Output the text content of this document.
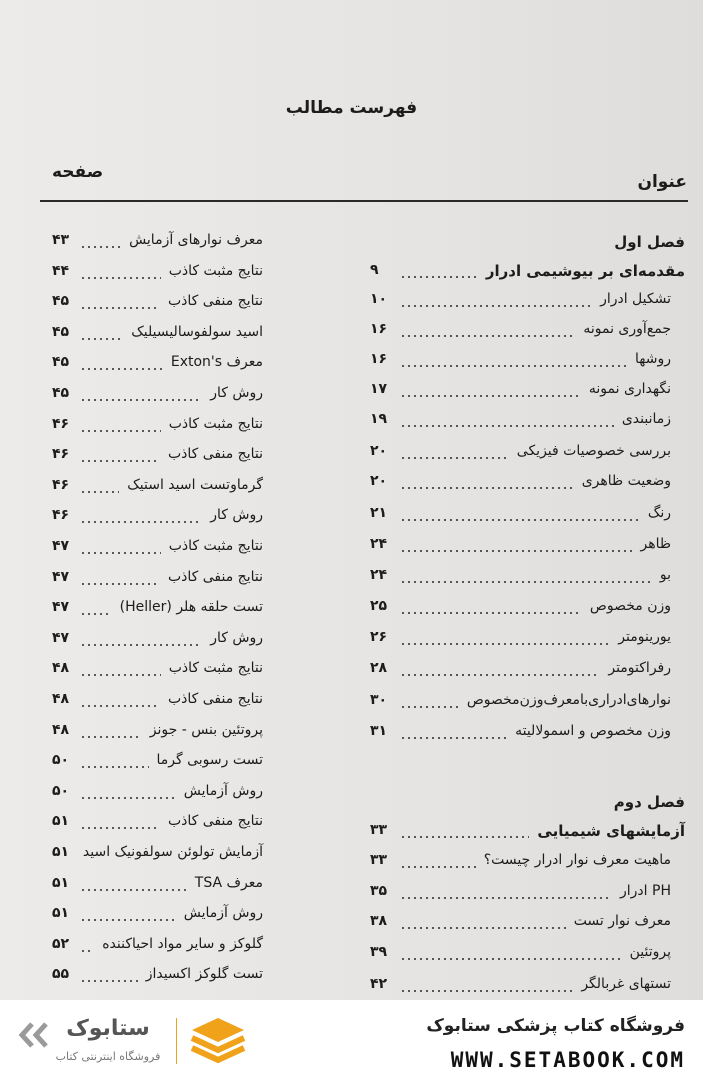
فهرست مطالب
عنوان
صفحه
فصل اول
فصل دوم
۹	مقدمه‌ای بر بیوشیمی ادرار
۱۰	تشکیل ادرار
۱۶	جمع‌آوری نمونه
۱۶	روشها
۱۷	نگهداری نمونه
۱۹	زمانبندی
۲۰	بررسی خصوصیات فیزیکی
۲۰	وضعیت ظاهری
۲۱	رنگ
۲۴	ظاهر
۲۴	بو
۲۵	وزن مخصوص
۲۶	یورینومتر
۲۸	رفراکتومتر
۳۰	نوارهای‌ادراری‌بامعرف‌وزن‌مخصوص
۳۱	وزن مخصوص و اسمولالیته
۳۳	آزمایشهای شیمیایی
۳۳	ماهیت معرف نوار ادرار چیست؟
۳۵	PH ادرار
۳۸	معرف نوار تست
۳۹	پروتئین
۴۲	تستهای غربالگر
۴۳	معرف نوارهای آزمایش
۴۴	نتایج مثبت کاذب
۴۵	نتایج منفی کاذب
۴۵	اسید سولفوسالیسیلیک
۴۵	معرف Exton's
۴۵	روش کار
۴۶	نتایج مثبت کاذب
۴۶	نتایج منفی کاذب
۴۶	گرماوتست اسید استیک
۴۶	روش کار
۴۷	نتایج مثبت کاذب
۴۷	نتایج منفی کاذب
۴۷	تست حلقه هلر (Heller)
۴۷	روش کار
۴۸	نتایج مثبت کاذب
۴۸	نتایج منفی کاذب
۴۸	پروتئین بنس - جونز
۵۰	تست رسوبی گرما
۵۰	روش آزمایش
۵۱	نتایج منفی کاذب
۵۱ آزمایش تولوئن سولفونیک اسید
۵۱	معرف TSA
۵۱	روش آزمایش
۵۲ گلوکز و سایر مواد احیاکننده
۵۵	تست گلوکز اکسیداز
ستابوک
فروشگاه اینترنتی کتاب
فروشگاه کتاب پزشکی ستابوک
WWW.SETABOOK.COM
